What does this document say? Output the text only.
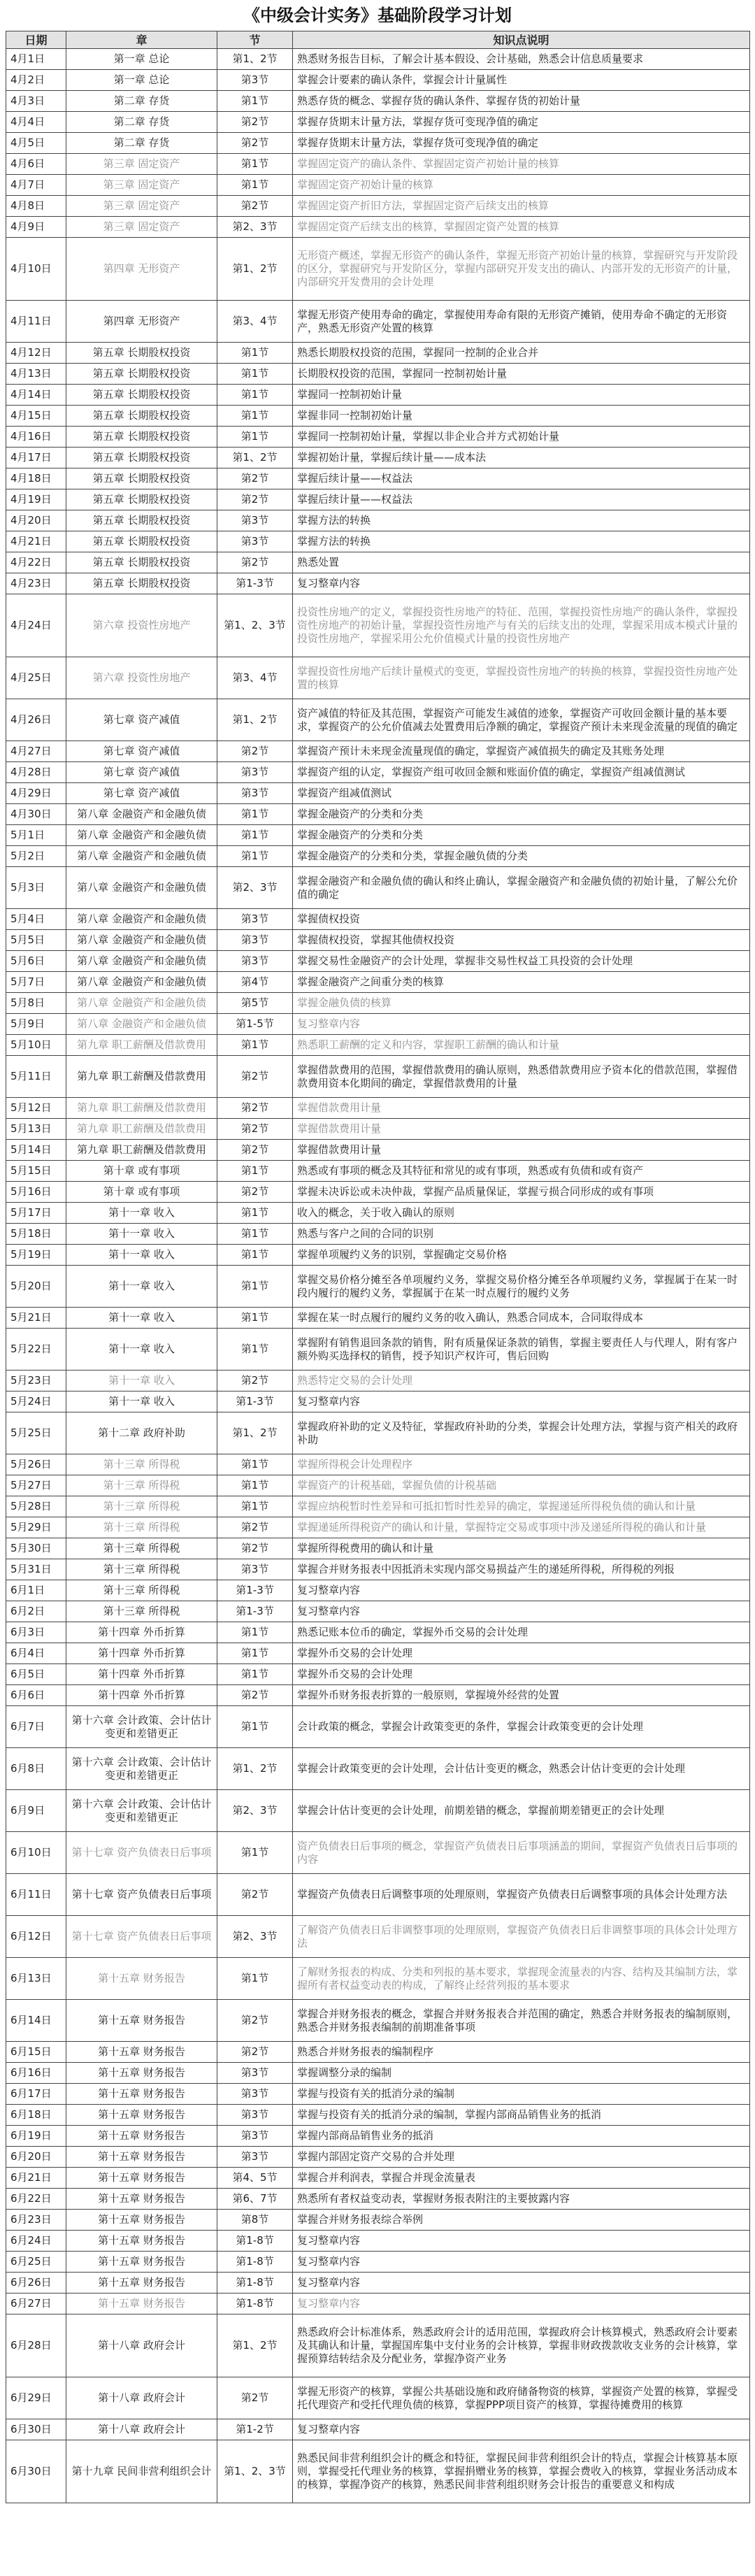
《中级会计实务》基础阶段学习计划
日期	章	节	知识点说明
4月1日	第一章 总论	第1、2节	熟悉财务报告目标，了解会计基本假设、会计基础，熟悉会计信息质量要求
4月2日	第一章 总论	第3节	掌握会计要素的确认条件，掌握会计计量属性
4月3日	第二章 存货	第1节	熟悉存货的概念、掌握存货的确认条件、掌握存货的初始计量
4月4日	第二章 存货	第2节	掌握存货期末计量方法，掌握存货可变现净值的确定
4月5日	第二章 存货	第2节	掌握存货期末计量方法，掌握存货可变现净值的确定
4月6日	第三章 固定资产	第1节	掌握固定资产的确认条件、掌握固定资产初始计量的核算
4月7日	第三章 固定资产	第1节	掌握固定资产初始计量的核算
4月8日	第三章 固定资产	第2节	掌握固定资产折旧方法，掌握固定资产后续支出的核算
4月9日	第三章 固定资产	第2、3节	掌握固定资产后续支出的核算，掌握固定资产处置的核算
4月10日	第四章 无形资产	第1、2节	无形资产概述，掌握无形资产的确认条件，掌握无形资产初始计量的核算，掌握研究与开发阶段的区分，掌握研究与开发阶区分，掌握内部研究开发支出的确认、内部开发的无形资产的计量，内部研究开发费用的会计处理
4月11日	第四章 无形资产	第3、4节	掌握无形资产使用寿命的确定，掌握使用寿命有限的无形资产摊销，使用寿命不确定的无形资产，熟悉无形资产处置的核算
4月12日	第五章 长期股权投资	第1节	熟悉长期股权投资的范围，掌握同一控制的企业合并
4月13日	第五章 长期股权投资	第1节	长期股权投资的范围，掌握同一控制初始计量
4月14日	第五章 长期股权投资	第1节	掌握同一控制初始计量
4月15日	第五章 长期股权投资	第1节	掌握非同一控制初始计量
4月16日	第五章 长期股权投资	第1节	掌握同一控制初始计量，掌握以非企业合并方式初始计量
4月17日	第五章 长期股权投资	第1、2节	掌握初始计量，掌握后续计量——成本法
4月18日	第五章 长期股权投资	第2节	掌握后续计量——权益法
4月19日	第五章 长期股权投资	第2节	掌握后续计量——权益法
4月20日	第五章 长期股权投资	第3节	掌握方法的转换
4月21日	第五章 长期股权投资	第3节	掌握方法的转换
4月22日	第五章 长期股权投资	第2节	熟悉处置
4月23日	第五章 长期股权投资	第1-3节	复习整章内容
4月24日	第六章 投资性房地产	第1、2、3节	投资性房地产的定义，掌握投资性房地产的特征、范围，掌握投资性房地产的确认条件，掌握投资性房地产的初始计量，掌握投资性房地产与有关的后续支出的处理，掌握采用成本模式计量的投资性房地产，掌握采用公允价值模式计量的投资性房地产
4月25日	第六章 投资性房地产	第3、4节	掌握投资性房地产后续计量模式的变更，掌握投资性房地产的转换的核算，掌握投资性房地产处置的核算
4月26日	第七章 资产减值	第1、2节	资产减值的特征及其范围，掌握资产可能发生减值的迹象，掌握资产可收回金额计量的基本要求，掌握资产的公允价值减去处置费用后净额的确定，掌握资产预计未来现金流量的现值的确定
4月27日	第七章 资产减值	第2节	掌握资产预计未来现金流量现值的确定，掌握资产减值损失的确定及其账务处理
4月28日	第七章 资产减值	第3节	掌握资产组的认定，掌握资产组可收回金额和账面价值的确定，掌握资产组减值测试
4月29日	第七章 资产减值	第3节	掌握资产组减值测试
4月30日	第八章 金融资产和金融负债	第1节	掌握金融资产的分类和分类
5月1日	第八章 金融资产和金融负债	第1节	掌握金融资产的分类和分类
5月2日	第八章 金融资产和金融负债	第1节	掌握金融资产的分类和分类，掌握金融负债的分类
5月3日	第八章 金融资产和金融负债	第2、3节	掌握金融资产和金融负债的确认和终止确认，掌握金融资产和金融负债的初始计量，了解公允价值的确定
5月4日	第八章 金融资产和金融负债	第3节	掌握债权投资
5月5日	第八章 金融资产和金融负债	第3节	掌握债权投资，掌握其他债权投资
5月6日	第八章 金融资产和金融负债	第3节	掌握交易性金融资产的会计处理，掌握非交易性权益工具投资的会计处理
5月7日	第八章 金融资产和金融负债	第4节	掌握金融资产之间重分类的核算
5月8日	第八章 金融资产和金融负债	第5节	掌握金融负债的核算
5月9日	第八章 金融资产和金融负债	第1-5节	复习整章内容
5月10日	第九章 职工薪酬及借款费用	第1节	熟悉职工薪酬的定义和内容，掌握职工薪酬的确认和计量
5月11日	第九章 职工薪酬及借款费用	第2节	掌握借款费用的范围，掌握借款费用的确认原则，熟悉借款费用应予资本化的借款范围，掌握借款费用资本化期间的确定，掌握借款费用的计量
5月12日	第九章 职工薪酬及借款费用	第2节	掌握借款费用计量
5月13日	第九章 职工薪酬及借款费用	第2节	掌握借款费用计量
5月14日	第九章 职工薪酬及借款费用	第2节	掌握借款费用计量
5月15日	第十章 或有事项	第1节	熟悉或有事项的概念及其特征和常见的或有事项，熟悉或有负债和或有资产
5月16日	第十章 或有事项	第2节	掌握未决诉讼或未决仲裁，掌握产品质量保证，掌握亏损合同形成的或有事项
5月17日	第十一章 收入	第1节	收入的概念，关于收入确认的原则
5月18日	第十一章 收入	第1节	熟悉与客户之间的合同的识别
5月19日	第十一章 收入	第1节	掌握单项履约义务的识别，掌握确定交易价格
5月20日	第十一章 收入	第1节	掌握交易价格分摊至各单项履约义务，掌握交易价格分摊至各单项履约义务，掌握属于在某一时段内履行的履约义务，掌握属于在某一时点履行的履约义务
5月21日	第十一章 收入	第1节	掌握在某一时点履行的履约义务的收入确认，熟悉合同成本，合同取得成本
5月22日	第十一章 收入	第1节	掌握附有销售退回条款的销售，附有质量保证条款的销售，掌握主要责任人与代理人，附有客户额外购买选择权的销售，授予知识产权许可，售后回购
5月23日	第十一章 收入	第2节	熟悉特定交易的会计处理
5月24日	第十一章 收入	第1-3节	复习整章内容
5月25日	第十二章 政府补助	第1、2节	掌握政府补助的定义及特征，掌握政府补助的分类，掌握会计处理方法，掌握与资产相关的政府补助
5月26日	第十三章 所得税	第1节	掌握所得税会计处理程序
5月27日	第十三章 所得税	第1节	掌握资产的计税基础，掌握负债的计税基础
5月28日	第十三章 所得税	第1节	掌握应纳税暂时性差异和可抵扣暂时性差异的确定，掌握递延所得税负债的确认和计量
5月29日	第十三章 所得税	第2节	掌握递延所得税资产的确认和计量，掌握特定交易或事项中涉及递延所得税的确认和计量
5月30日	第十三章 所得税	第2节	掌握所得税费用的确认和计量
5月31日	第十三章 所得税	第3节	掌握合并财务报表中因抵消未实现内部交易损益产生的递延所得税，所得税的列报
6月1日	第十三章 所得税	第1-3节	复习整章内容
6月2日	第十三章 所得税	第1-3节	复习整章内容
6月3日	第十四章 外币折算	第1节	熟悉记账本位币的确定，掌握外币交易的会计处理
6月4日	第十四章 外币折算	第1节	掌握外币交易的会计处理
6月5日	第十四章 外币折算	第1节	掌握外币交易的会计处理
6月6日	第十四章 外币折算	第2节	掌握外币财务报表折算的一般原则，掌握境外经营的处置
6月7日	第十六章 会计政策、会计估计变更和差错更正	第1节	会计政策的概念，掌握会计政策变更的条件，掌握会计政策变更的会计处理
6月8日	第十六章 会计政策、会计估计变更和差错更正	第1、2节	掌握会计政策变更的会计处理，会计估计变更的概念，熟悉会计估计变更的会计处理
6月9日	第十六章 会计政策、会计估计变更和差错更正	第2、3节	掌握会计估计变更的会计处理，前期差错的概念，掌握前期差错更正的会计处理
6月10日	第十七章 资产负债表日后事项	第1节	资产负债表日后事项的概念，掌握资产负债表日后事项涵盖的期间，掌握资产负债表日后事项的内容
6月11日	第十七章 资产负债表日后事项	第2节	掌握资产负债表日后调整事项的处理原则，掌握资产负债表日后调整事项的具体会计处理方法
6月12日	第十七章 资产负债表日后事项	第2、3节	了解资产负债表日后非调整事项的处理原则，掌握资产负债表日后非调整事项的具体会计处理方法
6月13日	第十五章 财务报告	第1节	了解财务报表的构成、分类和列报的基本要求，掌握现金流量表的内容、结构及其编制方法，掌握所有者权益变动表的构成，了解终止经营列报的基本要求
6月14日	第十五章 财务报告	第2节	掌握合并财务报表的概念，掌握合并财务报表合并范围的确定，熟悉合并财务报表的编制原则，熟悉合并财务报表编制的前期准备事项
6月15日	第十五章 财务报告	第2节	熟悉合并财务报表的编制程序
6月16日	第十五章 财务报告	第3节	掌握调整分录的编制
6月17日	第十五章 财务报告	第3节	掌握与投资有关的抵消分录的编制
6月18日	第十五章 财务报告	第3节	掌握与投资有关的抵消分录的编制，掌握内部商品销售业务的抵消
6月19日	第十五章 财务报告	第3节	掌握内部商品销售业务的抵消
6月20日	第十五章 财务报告	第3节	掌握内部固定资产交易的合并处理
6月21日	第十五章 财务报告	第4、5节	掌握合并利润表，掌握合并现金流量表
6月22日	第十五章 财务报告	第6、7节	熟悉所有者权益变动表，掌握财务报表附注的主要披露内容
6月23日	第十五章 财务报告	第8节	掌握合并财务报表综合举例
6月24日	第十五章 财务报告	第1-8节	复习整章内容
6月25日	第十五章 财务报告	第1-8节	复习整章内容
6月26日	第十五章 财务报告	第1-8节	复习整章内容
6月27日	第十五章 财务报告	第1-8节	复习整章内容
6月28日	第十八章 政府会计	第1、2节	熟悉政府会计标准体系，熟悉政府会计的适用范围，掌握政府会计核算模式，熟悉政府会计要素及其确认和计量，掌握国库集中支付业务的会计核算，掌握非财政拨款收支业务的会计核算，掌握预算结转结余及分配业务，掌握净资产业务
6月29日	第十八章 政府会计	第2节	掌握无形资产的核算，掌握公共基础设施和政府储备物资的核算，掌握资产处置的核算，掌握受托代理资产和受托代理负债的核算，掌握PPP项目资产的核算，掌握待摊费用的核算
6月30日	第十八章 政府会计	第1-2节	复习整章内容
6月30日	第十九章 民间非营利组织会计	第1、2、3节	熟悉民间非营利组织会计的概念和特征，掌握民间非营利组织会计的特点，掌握会计核算基本原则，掌握受托代理业务的核算，掌握捐赠业务的核算，掌握会费收入的核算，掌握业务活动成本的核算，掌握净资产的核算，熟悉民间非营利组织财务会计报告的重要意义和构成
